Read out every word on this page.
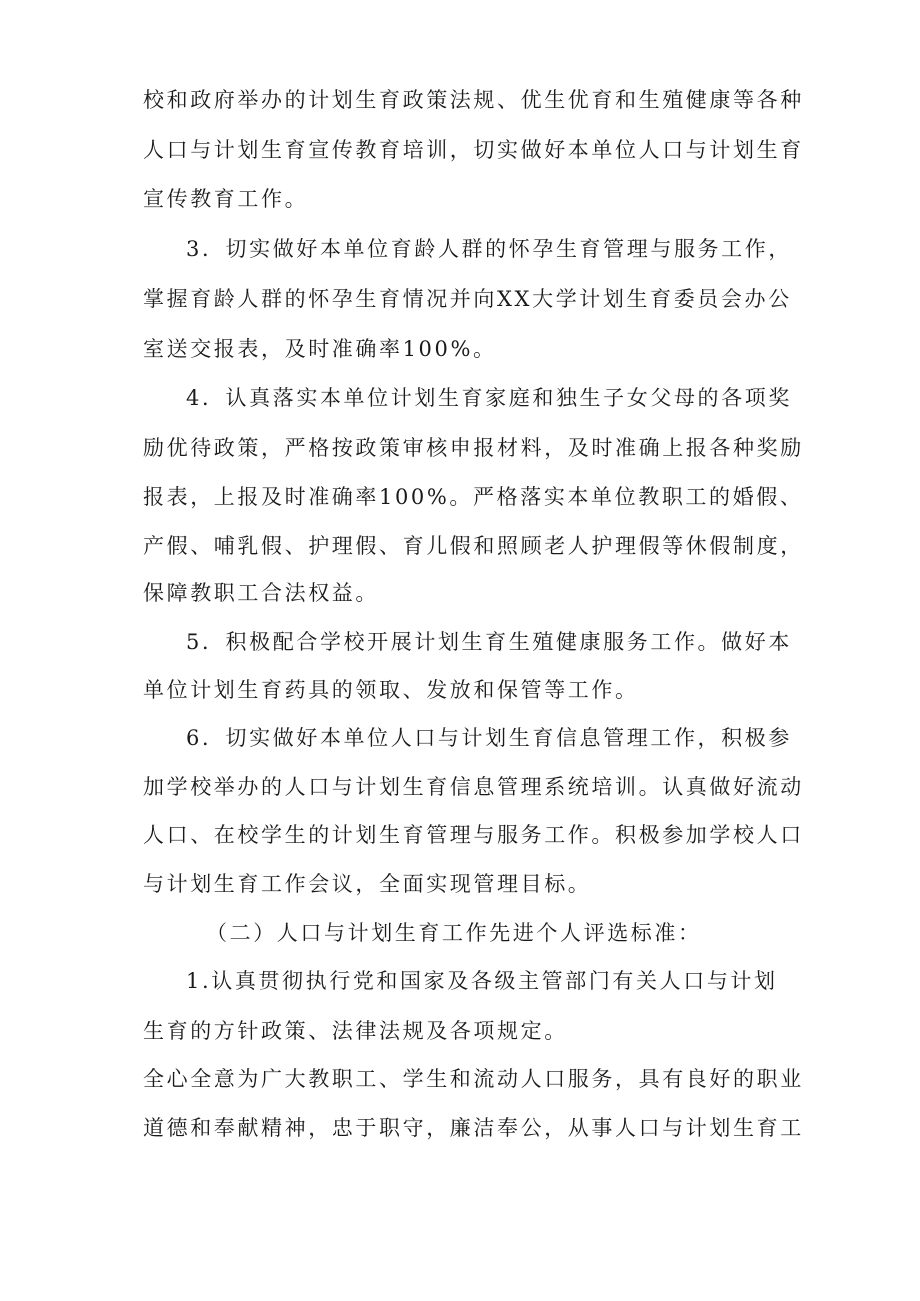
校和政府举办的计划生育政策法规、优生优育和生殖健康等各种
人口与计划生育宣传教育培训，切实做好本单位人口与计划生育
宣传教育工作。
3．切实做好本单位育龄人群的怀孕生育管理与服务工作，
掌握育龄人群的怀孕生育情况并向XX大学计划生育委员会办公
室送交报表，及时准确率100%。
4．认真落实本单位计划生育家庭和独生子女父母的各项奖
励优待政策，严格按政策审核申报材料，及时准确上报各种奖励
报表，上报及时准确率100%。严格落实本单位教职工的婚假、
产假、哺乳假、护理假、育儿假和照顾老人护理假等休假制度，
保障教职工合法权益。
5．积极配合学校开展计划生育生殖健康服务工作。做好本
单位计划生育药具的领取、发放和保管等工作。
6．切实做好本单位人口与计划生育信息管理工作，积极参
加学校举办的人口与计划生育信息管理系统培训。认真做好流动
人口、在校学生的计划生育管理与服务工作。积极参加学校人口
与计划生育工作会议，全面实现管理目标。
（二）人口与计划生育工作先进个人评选标准：
1.认真贯彻执行党和国家及各级主管部门有关人口与计划
生育的方针政策、法律法规及各项规定。
全心全意为广大教职工、学生和流动人口服务，具有良好的职业
道德和奉献精神，忠于职守，廉洁奉公，从事人口与计划生育工
